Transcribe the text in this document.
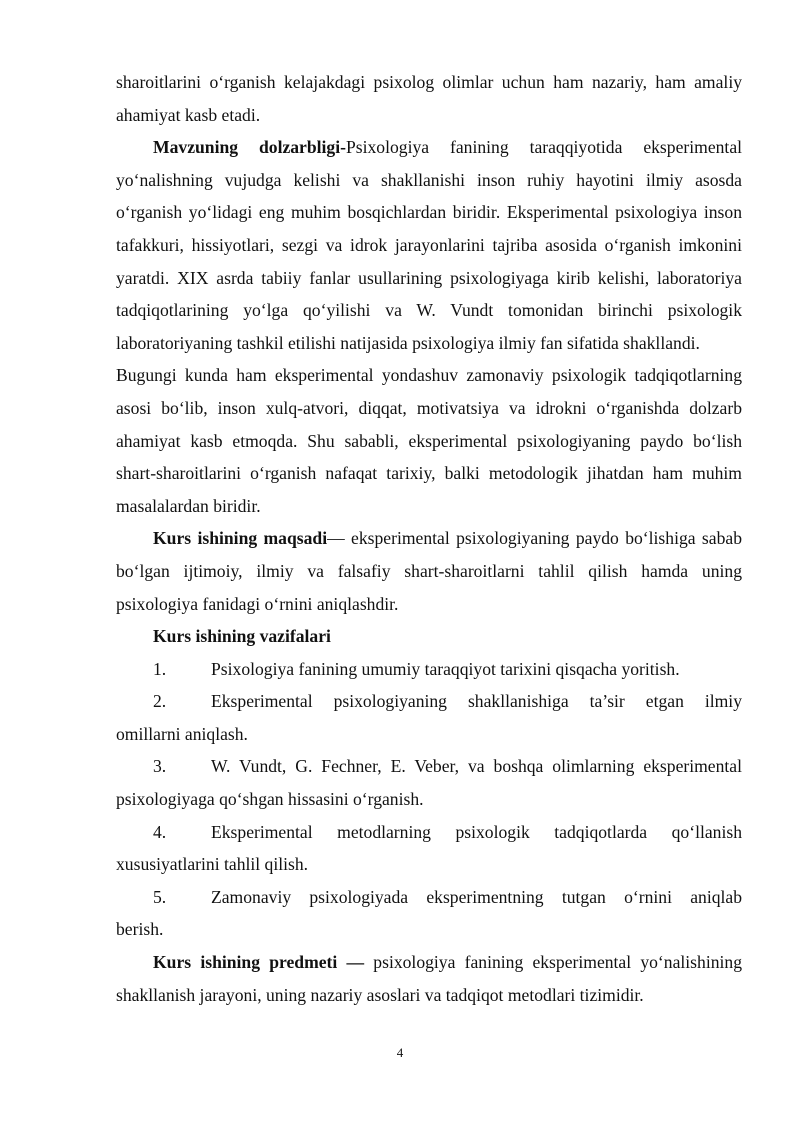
sharoitlarini o‘rganish kelajakdagi psixolog olimlar uchun ham nazariy, ham amaliy ahamiyat kasb etadi.

Mavzuning dolzarbligi-Psixologiya fanining taraqqiyotida eksperimental yo‘nalishning vujudga kelishi va shakllanishi inson ruhiy hayotini ilmiy asosda o‘rganish yo‘lidagi eng muhim bosqichlardan biridir. Eksperimental psixologiya inson tafakkuri, hissiyotlari, sezgi va idrok jarayonlarini tajriba asosida o‘rganish imkonini yaratdi. XIX asrda tabiiy fanlar usullarining psixologiyaga kirib kelishi, laboratoriya tadqiqotlarining yo‘lga qo‘yilishi va W. Vundt tomonidan birinchi psixologik laboratoriyaning tashkil etilishi natijasida psixologiya ilmiy fan sifatida shakllandi.

Bugungi kunda ham eksperimental yondashuv zamonaviy psixologik tadqiqotlarning asosi bo‘lib, inson xulq-atvori, diqqat, motivatsiya va idrokni o‘rganishda dolzarb ahamiyat kasb etmoqda. Shu sababli, eksperimental psixologiyaning paydo bo‘lish shart-sharoitlarini o‘rganish nafaqat tarixiy, balki metodologik jihatdan ham muhim masalalardan biridir.

Kurs ishining maqsadi— eksperimental psixologiyaning paydo bo‘lishiga sabab bo‘lgan ijtimoiy, ilmiy va falsafiy shart-sharoitlarni tahlil qilish hamda uning psixologiya fanidagi o‘rnini aniqlashdir.

Kurs ishining vazifalari

1.	Psixologiya fanining umumiy taraqqiyot tarixini qisqacha yoritish.
2.	Eksperimental psixologiyaning shakllanishiga ta’sir etgan ilmiy
omillarni aniqlash.
3.	W. Vundt, G. Fechner, E. Veber, va boshqa olimlarning eksperimental
psixologiyaga qo‘shgan hissasini o‘rganish.
4.	Eksperimental metodlarning psixologik tadqiqotlarda qo‘llanish
xususiyatlarini tahlil qilish.
5.	Zamonaviy psixologiyada eksperimentning tutgan o‘rnini aniqlab
berish.

Kurs ishining predmeti — psixologiya fanining eksperimental yo‘nalishining shakllanish jarayoni, uning nazariy asoslari va tadqiqot metodlari tizimidir.

4
